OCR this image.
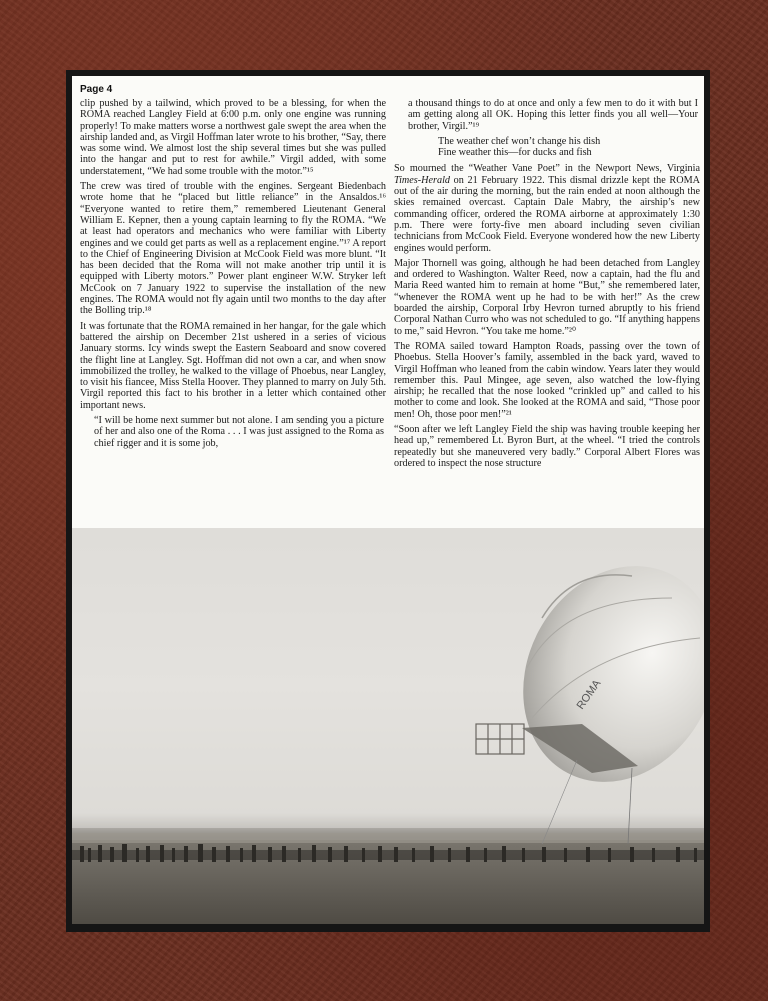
Page 4

clip pushed by a tailwind, which proved to be a blessing, for when the ROMA reached Langley Field at 6:00 p.m. only one engine was running properly! To make matters worse a northwest gale swept the area when the airship landed and, as Virgil Hoffman later wrote to his brother, “Say, there was some wind. We almost lost the ship several times but she was pulled into the hangar and put to rest for awhile.” Virgil added, with some understatement, “We had some trouble with the motor.”¹⁵

The crew was tired of trouble with the engines. Sergeant Biedenbach wrote home that he “placed but little reliance” in the Ansaldos.¹⁶ “Everyone wanted to retire them,” remembered Lieutenant General William E. Kepner, then a young captain learning to fly the ROMA. “We at least had operators and mechanics who were familiar with Liberty engines and we could get parts as well as a replacement engine.”¹⁷ A report to the Chief of Engineering Division at McCook Field was more blunt. “It has been decided that the Roma will not make another trip until it is equipped with Liberty motors.” Power plant engineer W.W. Stryker left McCook on 7 January 1922 to supervise the installation of the new engines. The ROMA would not fly again until two months to the day after the Bolling trip.¹⁸

It was fortunate that the ROMA remained in her hangar, for the gale which battered the airship on December 21st ushered in a series of vicious January storms. Icy winds swept the Eastern Seaboard and snow covered the flight line at Langley. Sgt. Hoffman did not own a car, and when snow immobilized the trolley, he walked to the village of Phoebus, near Langley, to visit his fiancee, Miss Stella Hoover. They planned to marry on July 5th. Virgil reported this fact to his brother in a letter which contained other important news.

“I will be home next summer but not alone. I am sending you a picture of her and also one of the Roma . . . I was just assigned to the Roma as chief rigger and it is some job,

a thousand things to do at once and only a few men to do it with but I am getting along all OK. Hoping this letter finds you all well—Your brother, Virgil.”¹⁹

The weather chef won’t change his dish
Fine weather this—for ducks and fish

So mourned the “Weather Vane Poet” in the Newport News, Virginia Times-Herald on 21 February 1922. This dismal drizzle kept the ROMA out of the air during the morning, but the rain ended at noon although the skies remained overcast. Captain Dale Mabry, the airship’s new commanding officer, ordered the ROMA airborne at approximately 1:30 p.m. There were forty-five men aboard including seven civilian technicians from McCook Field. Everyone wondered how the new Liberty engines would perform.

Major Thornell was going, although he had been detached from Langley and ordered to Washington. Walter Reed, now a captain, had the flu and Maria Reed wanted him to remain at home “But,” she remembered later, “whenever the ROMA went up he had to be with her!” As the crew boarded the airship, Corporal Irby Hevron turned abruptly to his friend Corporal Nathan Curro who was not scheduled to go. “If anything happens to me,” said Hevron. “You take me home.”²⁰

The ROMA sailed toward Hampton Roads, passing over the town of Phoebus. Stella Hoover’s family, assembled in the back yard, waved to Virgil Hoffman who leaned from the cabin window. Years later they would remember this. Paul Mingee, age seven, also watched the low-flying airship; he recalled that the nose looked “crinkled up” and called to his mother to come and look. She looked at the ROMA and said, “Those poor men! Oh, those poor men!”²¹

“Soon after we left Langley Field the ship was having trouble keeping her head up,” remembered Lt. Byron Burt, at the wheel. “I tried the controls repeatedly but she maneuvered very badly.” Corporal Albert Flores was ordered to inspect the nose structure

ROMA
